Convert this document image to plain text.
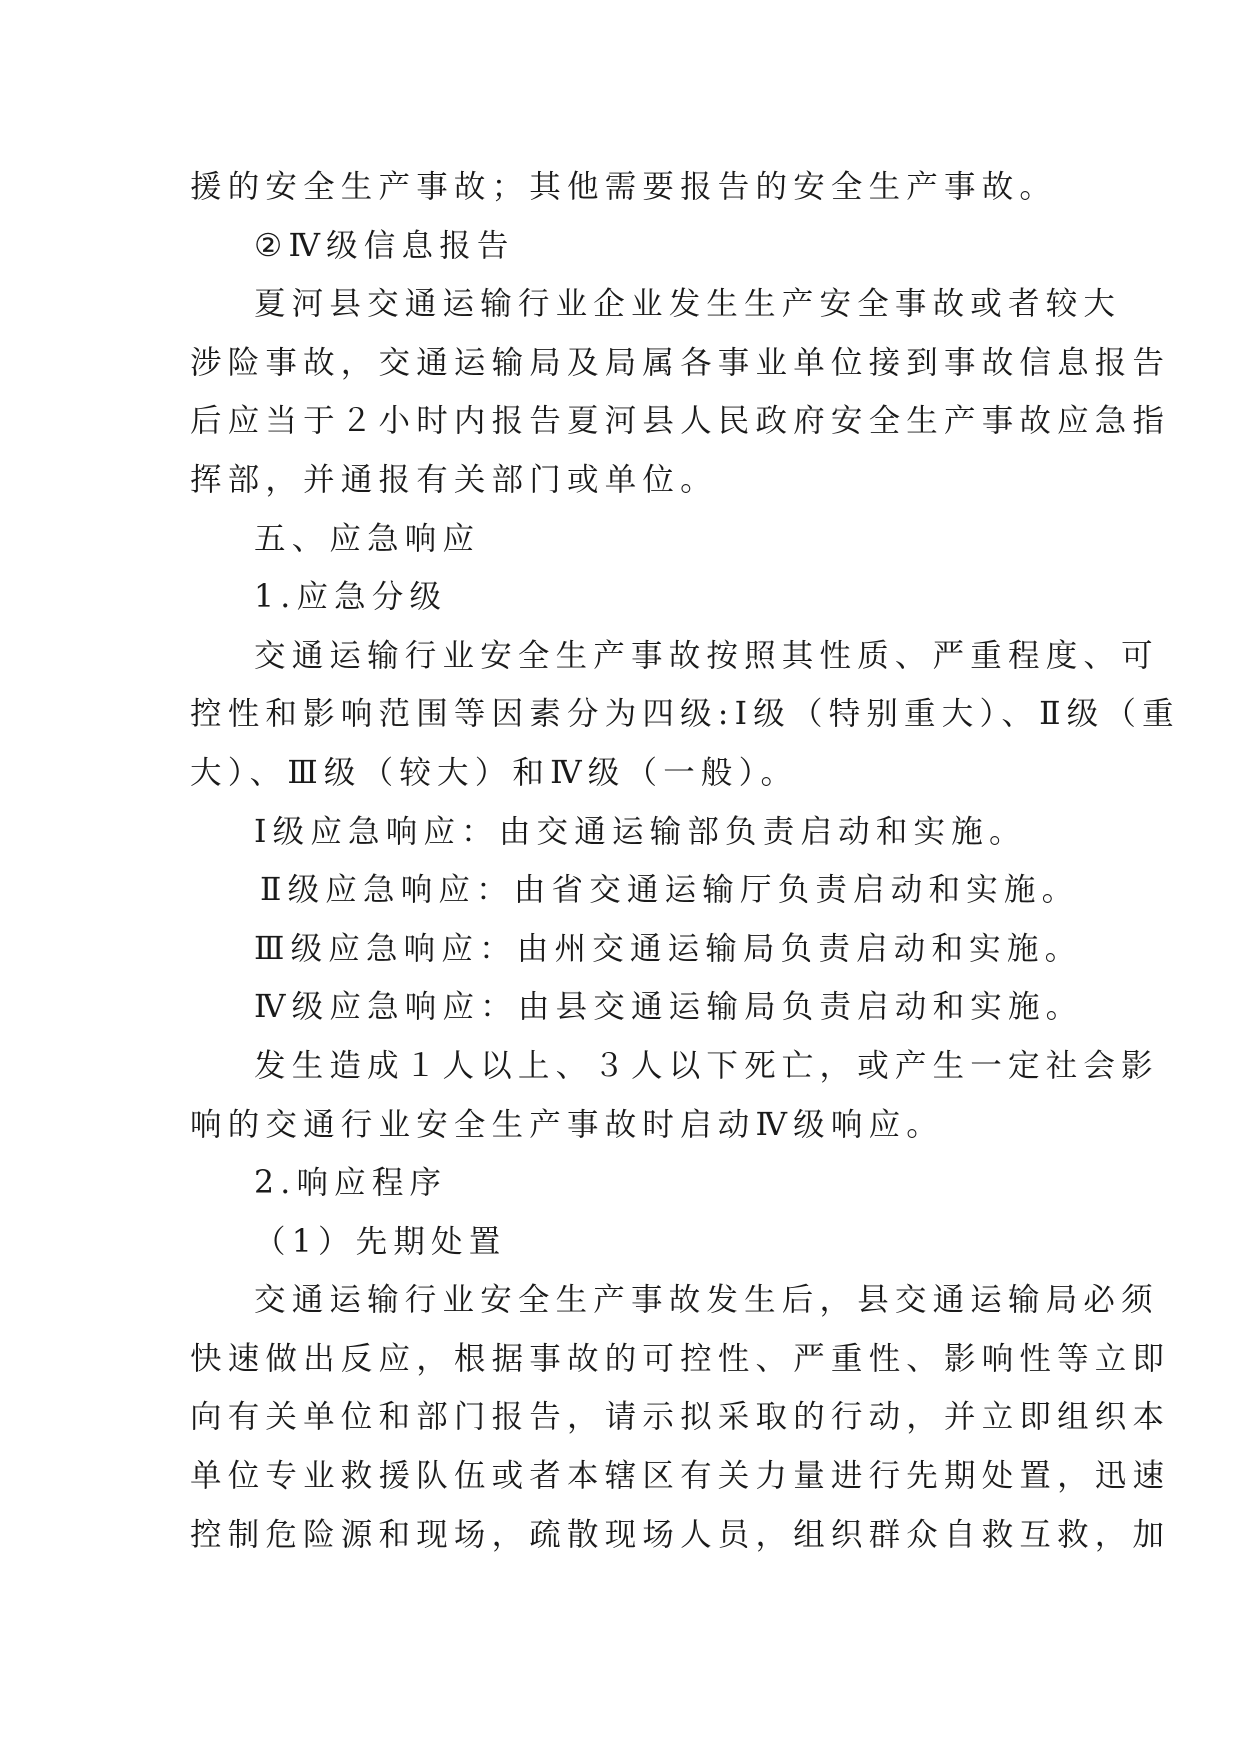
援的安全生产事故；其他需要报告的安全生产事故。
②Ⅳ级信息报告
夏河县交通运输行业企业发生生产安全事故或者较大
涉险事故，交通运输局及局属各事业单位接到事故信息报告
后应当于２小时内报告夏河县人民政府安全生产事故应急指
挥部，并通报有关部门或单位。
五、应急响应
1.应急分级
交通运输行业安全生产事故按照其性质、严重程度、可
控性和影响范围等因素分为四级:Ⅰ级（特别重大）、Ⅱ级（重
大）、Ⅲ级（较大）和Ⅳ级（一般）。
Ⅰ级应急响应：由交通运输部负责启动和实施。
Ⅱ级应急响应：由省交通运输厅负责启动和实施。
Ⅲ级应急响应：由州交通运输局负责启动和实施。
Ⅳ级应急响应：由县交通运输局负责启动和实施。
发生造成１人以上、３人以下死亡，或产生一定社会影
响的交通行业安全生产事故时启动Ⅳ级响应。
2.响应程序
（1）先期处置
交通运输行业安全生产事故发生后，县交通运输局必须
快速做出反应，根据事故的可控性、严重性、影响性等立即
向有关单位和部门报告，请示拟采取的行动，并立即组织本
单位专业救援队伍或者本辖区有关力量进行先期处置，迅速
控制危险源和现场，疏散现场人员，组织群众自救互救，加
